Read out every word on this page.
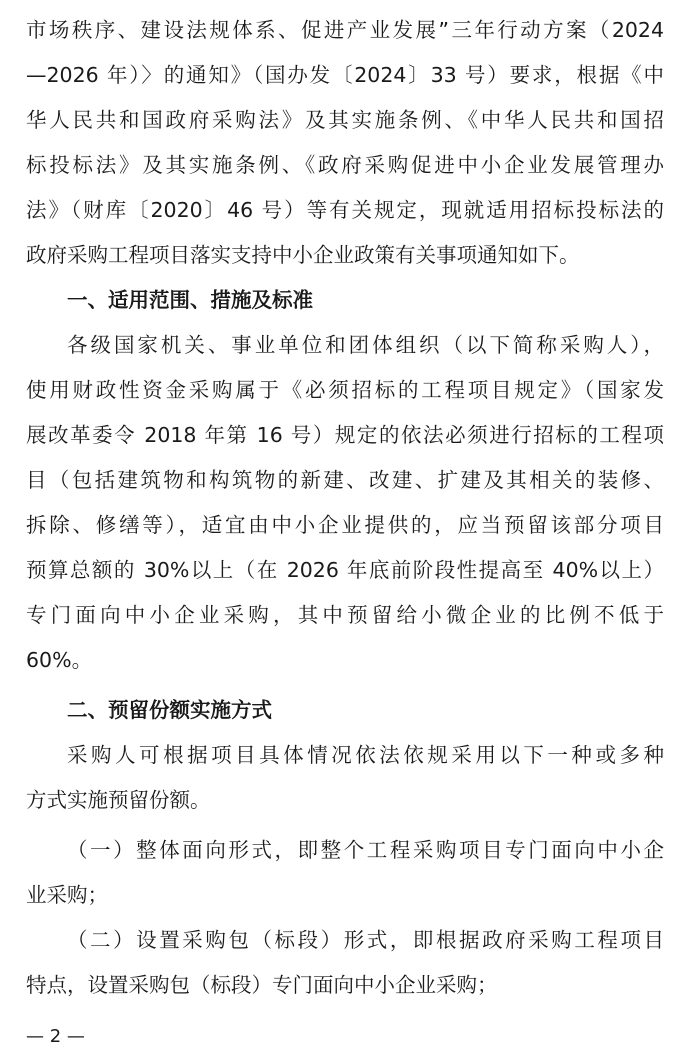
市场秩序、建设法规体系、促进产业发展”三年行动方案（2024
—2026 年）〉的通知》（国办发〔2024〕33 号）要求，根据《中
华人民共和国政府采购法》及其实施条例、《中华人民共和国招
标投标法》及其实施条例、《政府采购促进中小企业发展管理办
法》（财库〔2020〕46 号）等有关规定，现就适用招标投标法的
政府采购工程项目落实支持中小企业政策有关事项通知如下。
一、适用范围、措施及标准
各级国家机关、事业单位和团体组织（以下简称采购人），
使用财政性资金采购属于《必须招标的工程项目规定》（国家发
展改革委令 2018 年第 16 号）规定的依法必须进行招标的工程项
目（包括建筑物和构筑物的新建、改建、扩建及其相关的装修、
拆除、修缮等），适宜由中小企业提供的，应当预留该部分项目
预算总额的 30%以上（在 2026 年底前阶段性提高至 40%以上）
专门面向中小企业采购，其中预留给小微企业的比例不低于
60%。
二、预留份额实施方式
采购人可根据项目具体情况依法依规采用以下一种或多种
方式实施预留份额。
（一）整体面向形式，即整个工程采购项目专门面向中小企
业采购；
（二）设置采购包（标段）形式，即根据政府采购工程项目
特点，设置采购包（标段）专门面向中小企业采购；
— 2 —
